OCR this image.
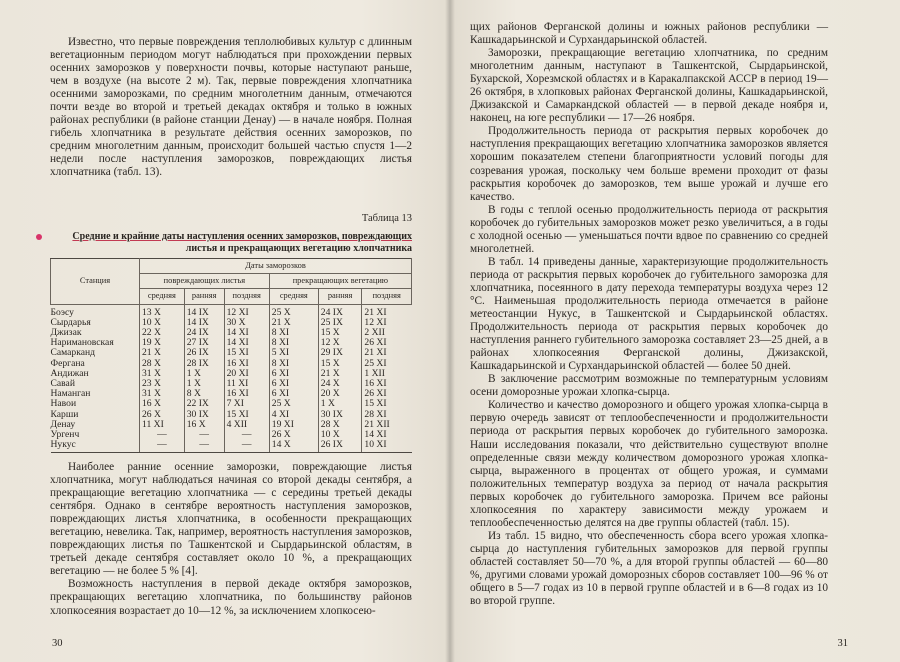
Известно, что первые повреждения теплолюбивых культур с длинным вегетационным периодом могут наблюдаться при прохождении первых осенних заморозков у поверхности почвы, которые наступают раньше, чем в воздухе (на высоте 2 м). Так, первые повреждения хлопчатника осенними заморозками, по средним многолетним данным, отмечаются почти везде во второй и третьей декадах октября и только в южных районах республики (в районе станции Денау) — в начале ноября. Полная гибель хлопчатника в результате действия осенних заморозков, по средним многолетним данным, происходит большей частью спустя 1—2 недели после наступления заморозков, повреждающих листья хлопчатника (табл. 13).

Таблица 13
Средние и крайние даты наступления осенних заморозков, повреждающих
листья и прекращающих вегетацию хлопчатника
Станция	Даты заморозков					
	повреждающих листья			прекращающих вегетацию		
	средняя	ранняя	поздняя	средняя	ранняя	поздняя
Боэсу	13 X	14 IX	12 XI	25 X	24 IX	21 XI
Сырдарья	10 X	14 IX	30 X	21 X	25 IX	12 XI
Джизак	22 X	24 IX	14 XI	8 XI	15 X	2 XII
Наримановская	19 X	27 IX	14 XI	8 XI	12 X	26 XI
Самарканд	21 X	26 IX	15 XI	5 XI	29 IX	21 XI
Фергана	28 X	28 IX	16 XI	8 XI	15 X	25 XI
Андижан	31 X	1 X	20 XI	6 XI	21 X	1 XII
Савай	23 X	1 X	11 XI	6 XI	24 X	16 XI
Наманган	31 X	8 X	16 XI	6 XI	20 X	26 XI
Навои	16 X	22 IX	7 XI	25 X	1 X	15 XI
Карши	26 X	30 IX	15 XI	4 XI	30 IX	28 XI
Денау	11 XI	16 X	4 XII	19 XI	28 X	21 XII
Ургенч	—	—	—	26 X	10 X	14 XI
Нукус	—	—	—	14 X	26 IX	10 XI

Наиболее ранние осенние заморозки, повреждающие листья хлопчатника, могут наблюдаться начиная со второй декады сентября, а прекращающие вегетацию хлопчатника — с середины третьей декады сентября. Однако в сентябре вероятность наступления заморозков, повреждающих листья хлопчатника, в особенности прекращающих вегетацию, невелика. Так, например, вероятность наступления заморозков, повреждающих листья по Ташкентской и Сырдарьинской областям, в третьей декаде сентября составляет около 10 %, а прекращающих вегетацию — не более 5 % [4].

Возможность наступления в первой декаде октября заморозков, прекращающих вегетацию хлопчатника, по большинству районов хлопкосеяния возрастает до 10—12 %, за исключением хлопкосею-

30

щих районов Ферганской долины и южных районов республики — Кашкадарьинской и Сурхандарьинской областей.

Заморозки, прекращающие вегетацию хлопчатника, по средним многолетним данным, наступают в Ташкентской, Сырдарьинской, Бухарской, Хорезмской областях и в Каракалпакской АССР в период 19—26 октября, в хлопковых районах Ферганской долины, Кашкадарьинской, Джизакской и Самаркандской областей — в первой декаде ноября и, наконец, на юге республики — 17—26 ноября.

Продолжительность периода от раскрытия первых коробочек до наступления прекращающих вегетацию хлопчатника заморозков является хорошим показателем степени благоприятности условий погоды для созревания урожая, поскольку чем больше времени проходит от фазы раскрытия коробочек до заморозков, тем выше урожай и лучше его качество.

В годы с теплой осенью продолжительность периода от раскрытия коробочек до губительных заморозков может резко увеличиться, а в годы с холодной осенью — уменьшаться почти вдвое по сравнению со средней многолетней.

В табл. 14 приведены данные, характеризующие продолжительность периода от раскрытия первых коробочек до губительного заморозка для хлопчатника, посеянного в дату перехода температуры воздуха через 12 °С. Наименьшая продолжительность периода отмечается в районе метеостанции Нукус, в Ташкентской и Сырдарьинской областях. Продолжительность периода от раскрытия первых коробочек до наступления раннего губительного заморозка составляет 23—25 дней, а в районах хлопкосеяния Ферганской долины, Джизакской, Кашкадарьинской и Сурхандарьинской областей — более 50 дней.

В заключение рассмотрим возможные по температурным условиям осени доморозные урожаи хлопка-сырца.

Количество и качество доморозного и общего урожая хлопка-сырца в первую очередь зависят от теплообеспеченности и продолжительности периода от раскрытия первых коробочек до губительного заморозка. Наши исследования показали, что действительно существуют вполне определенные связи между количеством доморозного урожая хлопка-сырца, выраженного в процентах от общего урожая, и суммами положительных температур воздуха за период от начала раскрытия первых коробочек до губительного заморозка. Причем все районы хлопкосеяния по характеру зависимости между урожаем и теплообеспеченностью делятся на две группы областей (табл. 15).

Из табл. 15 видно, что обеспеченность сбора всего урожая хлопка-сырца до наступления губительных заморозков для первой группы областей составляет 50—70 %, а для второй группы областей — 60—80 %, другими словами урожай доморозных сборов составляет 100—96 % от общего в 5—7 годах из 10 в первой группе областей и в 6—8 годах из 10 во второй группе.

31
